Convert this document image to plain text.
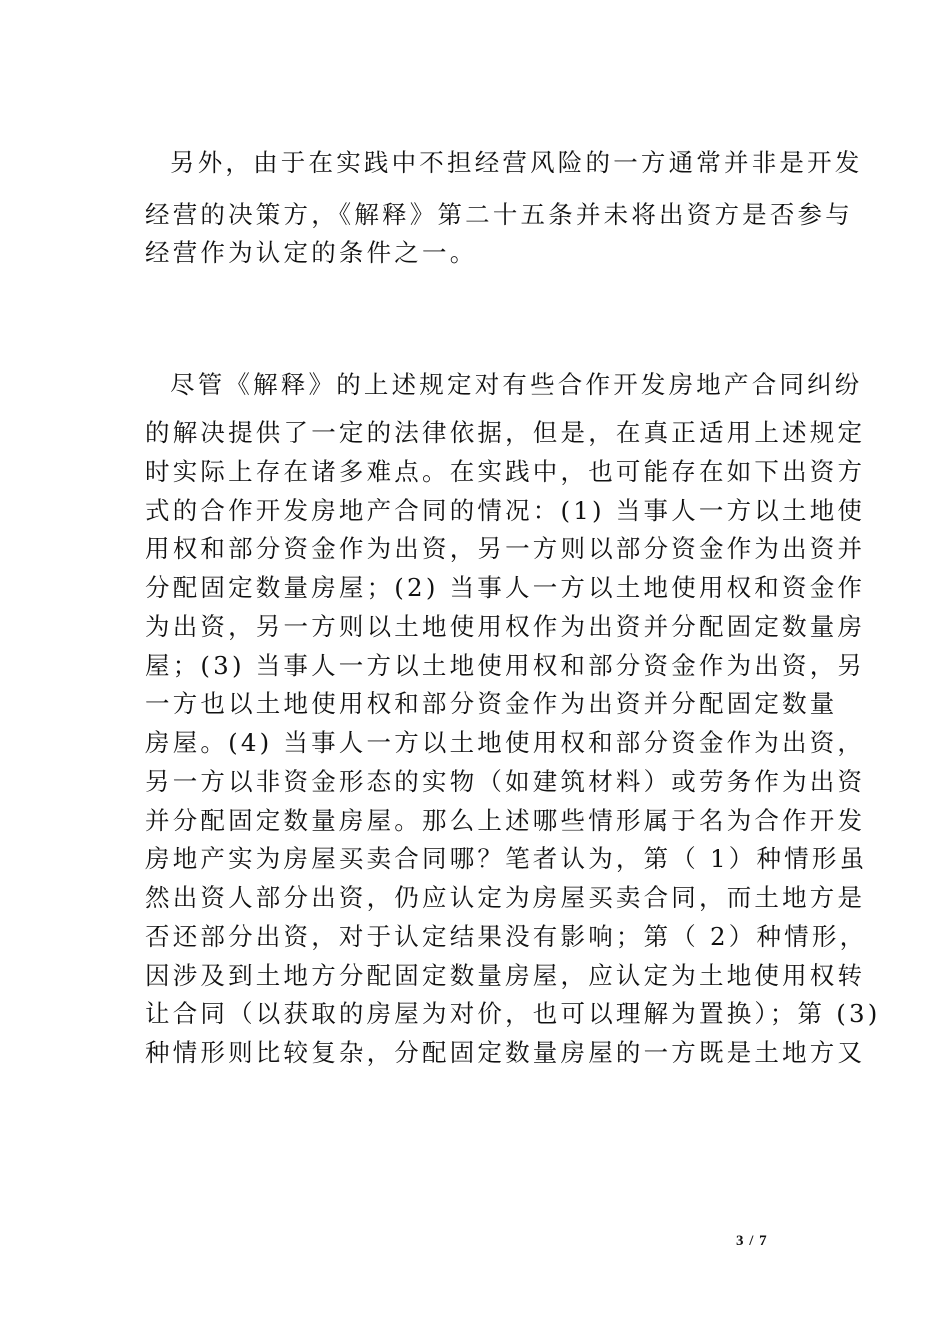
另外，由于在实践中不担经营风险的一方通常并非是开发
经营的决策方，《解释》第二十五条并未将出资方是否参与
经营作为认定的条件之一。
尽管《解释》的上述规定对有些合作开发房地产合同纠纷
的解决提供了一定的法律依据，但是，在真正适用上述规定
时实际上存在诸多难点。在实践中，也可能存在如下出资方
式的合作开发房地产合同的情况：(1) 当事人一方以土地使
用权和部分资金作为出资，另一方则以部分资金作为出资并
分配固定数量房屋；(2) 当事人一方以土地使用权和资金作
为出资，另一方则以土地使用权作为出资并分配固定数量房
屋；(3) 当事人一方以土地使用权和部分资金作为出资，另
一方也以土地使用权和部分资金作为出资并分配固定数量
房屋。(4) 当事人一方以土地使用权和部分资金作为出资，
另一方以非资金形态的实物（如建筑材料）或劳务作为出资
并分配固定数量房屋。那么上述哪些情形属于名为合作开发
房地产实为房屋买卖合同哪？笔者认为，第（ 1）种情形虽
然出资人部分出资，仍应认定为房屋买卖合同，而土地方是
否还部分出资，对于认定结果没有影响；第（ 2）种情形，
因涉及到土地方分配固定数量房屋，应认定为土地使用权转
让合同（以获取的房屋为对价，也可以理解为置换）；第 (3)
种情形则比较复杂，分配固定数量房屋的一方既是土地方又
3 / 7
